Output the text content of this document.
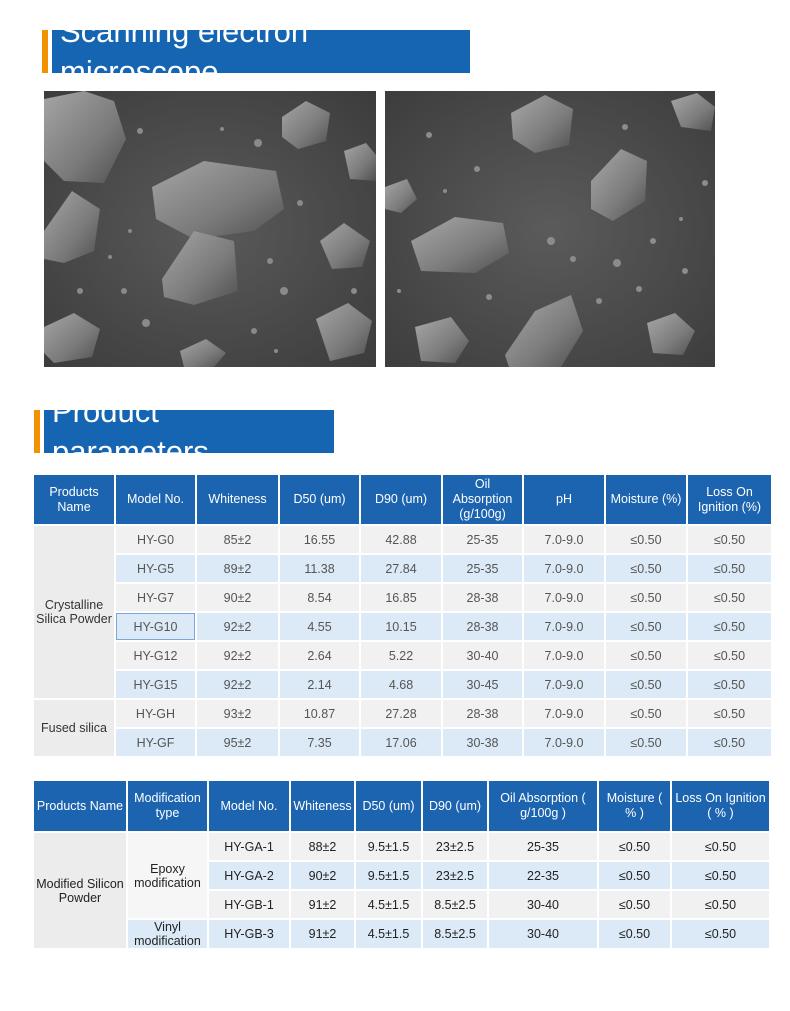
Scanning electron microscope
Product parameters
Products Name	Model No.	Whiteness	D50 (um)	D90 (um)	Oil Absorption (g/100g)	pH	Moisture (%)	Loss On Ignition (%)
Crystalline Silica Powder	HY-G0	85±2	16.55	42.88	25-35	7.0-9.0	≤0.50	≤0.50
	HY-G5	89±2	11.38	27.84	25-35	7.0-9.0	≤0.50	≤0.50
	HY-G7	90±2	8.54	16.85	28-38	7.0-9.0	≤0.50	≤0.50
	HY-G10	92±2	4.55	10.15	28-38	7.0-9.0	≤0.50	≤0.50
	HY-G12	92±2	2.64	5.22	30-40	7.0-9.0	≤0.50	≤0.50
	HY-G15	92±2	2.14	4.68	30-45	7.0-9.0	≤0.50	≤0.50
Fused silica	HY-GH	93±2	10.87	27.28	28-38	7.0-9.0	≤0.50	≤0.50
	HY-GF	95±2	7.35	17.06	30-38	7.0-9.0	≤0.50	≤0.50
Products Name	Modification type	Model No.	Whiteness	D50 (um)	D90 (um)	Oil Absorption ( g/100g )	Moisture ( % )	Loss On Ignition ( % )
Modified Silicon Powder	Epoxy modification	HY-GA-1	88±2	9.5±1.5	23±2.5	25-35	≤0.50	≤0.50
		HY-GA-2	90±2	9.5±1.5	23±2.5	22-35	≤0.50	≤0.50
		HY-GB-1	91±2	4.5±1.5	8.5±2.5	30-40	≤0.50	≤0.50
	Vinyl modification	HY-GB-3	91±2	4.5±1.5	8.5±2.5	30-40	≤0.50	≤0.50
